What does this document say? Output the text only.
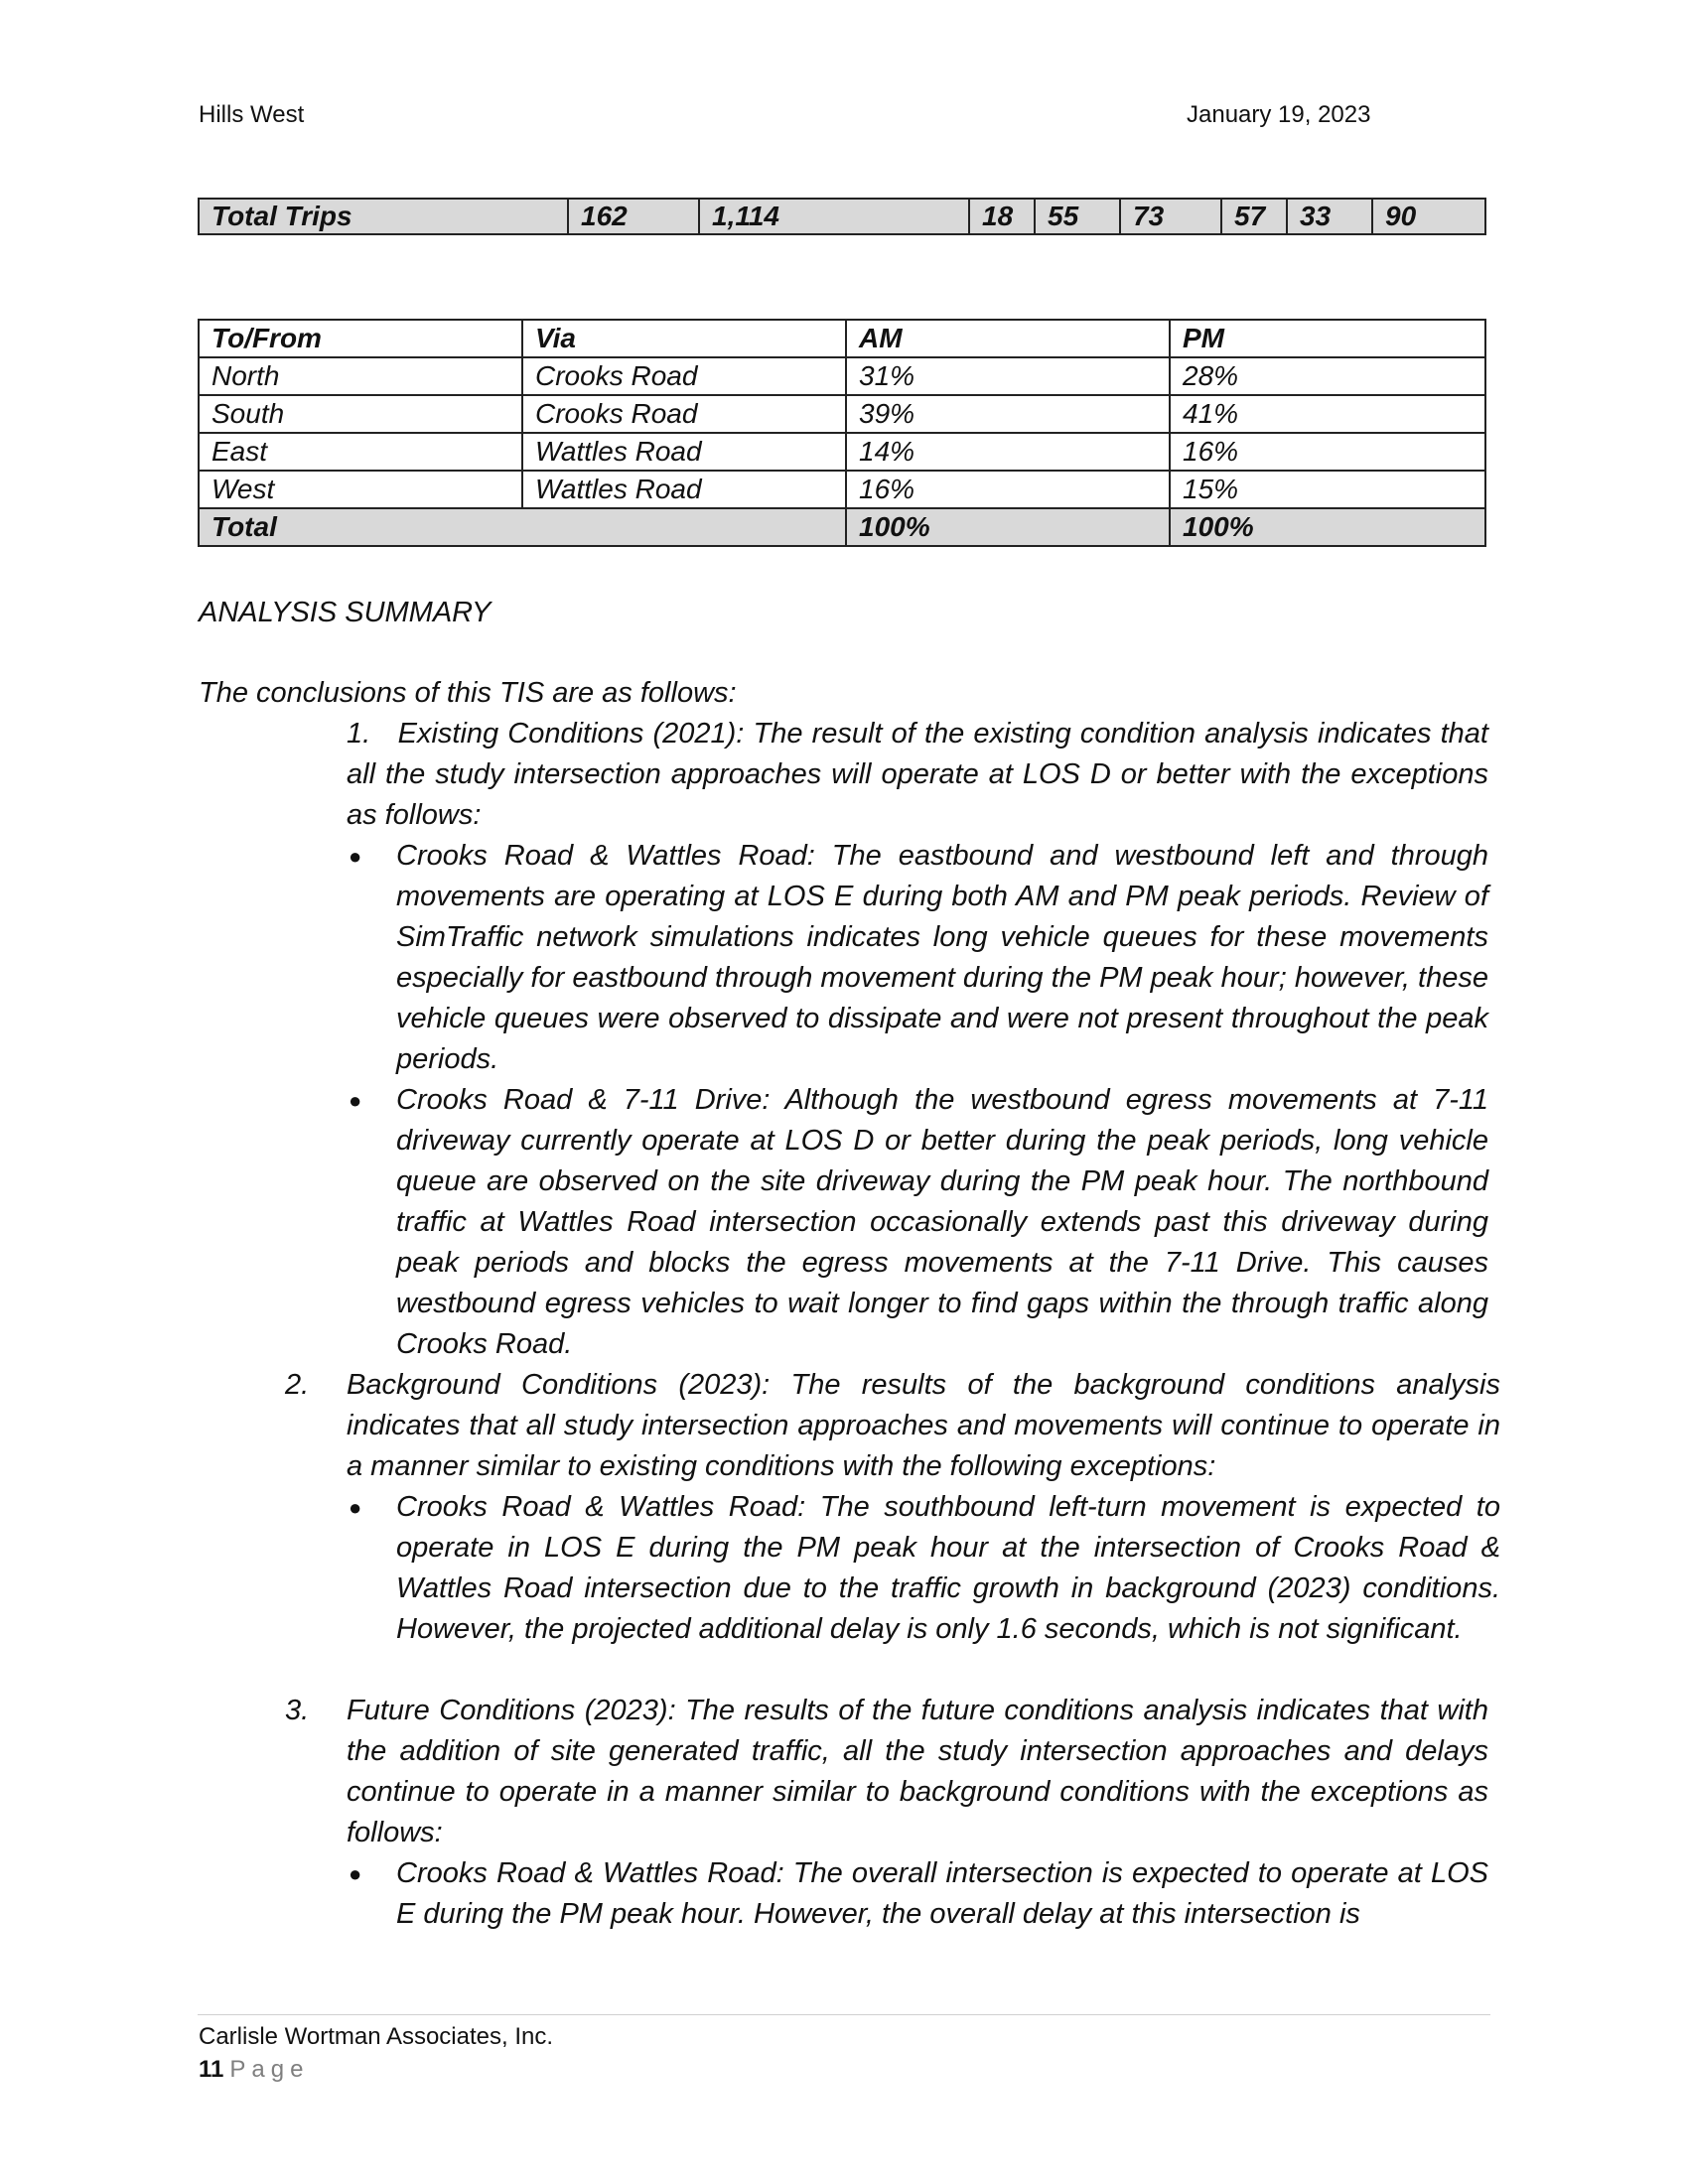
Hills West	January 19, 2023
Total Trips	162	1,114	18	55	73	57	33	90
To/From	Via	AM	PM
North	Crooks Road	31%	28%
South	Crooks Road	39%	41%
East	Wattles Road	14%	16%
West	Wattles Road	16%	15%
Total		100%	100%
ANALYSIS SUMMARY
The conclusions of this TIS are as follows:
1.   Existing Conditions (2021): The result of the existing condition analysis indicates that all the study intersection approaches will operate at LOS D or better with the exceptions as follows:
● Crooks Road & Wattles Road: The eastbound and westbound left and through movements are operating at LOS E during both AM and PM peak periods. Review of SimTraffic network simulations indicates long vehicle queues for these movements especially for eastbound through movement during the PM peak hour; however, these vehicle queues were observed to dissipate and were not present throughout the peak periods.
● Crooks Road & 7-11 Drive: Although the westbound egress movements at 7-11 driveway currently operate at LOS D or better during the peak periods, long vehicle queue are observed on the site driveway during the PM peak hour. The northbound traffic at Wattles Road intersection occasionally extends past this driveway during peak periods and blocks the egress movements at the 7-11 Drive. This causes westbound egress vehicles to wait longer to find gaps within the through traffic along Crooks Road.
2. Background Conditions (2023): The results of the background conditions analysis indicates that all study intersection approaches and movements will continue to operate in a manner similar to existing conditions with the following exceptions:
● Crooks Road & Wattles Road: The southbound left-turn movement is expected to operate in LOS E during the PM peak hour at the intersection of Crooks Road & Wattles Road intersection due to the traffic growth in background (2023) conditions. However, the projected additional delay is only 1.6 seconds, which is not significant.
3. Future Conditions (2023): The results of the future conditions analysis indicates that with the addition of site generated traffic, all the study intersection approaches and delays continue to operate in a manner similar to background conditions with the exceptions as follows:
● Crooks Road & Wattles Road: The overall intersection is expected to operate at LOS E during the PM peak hour. However, the overall delay at this intersection is
Carlisle Wortman Associates, Inc.
11 Page
